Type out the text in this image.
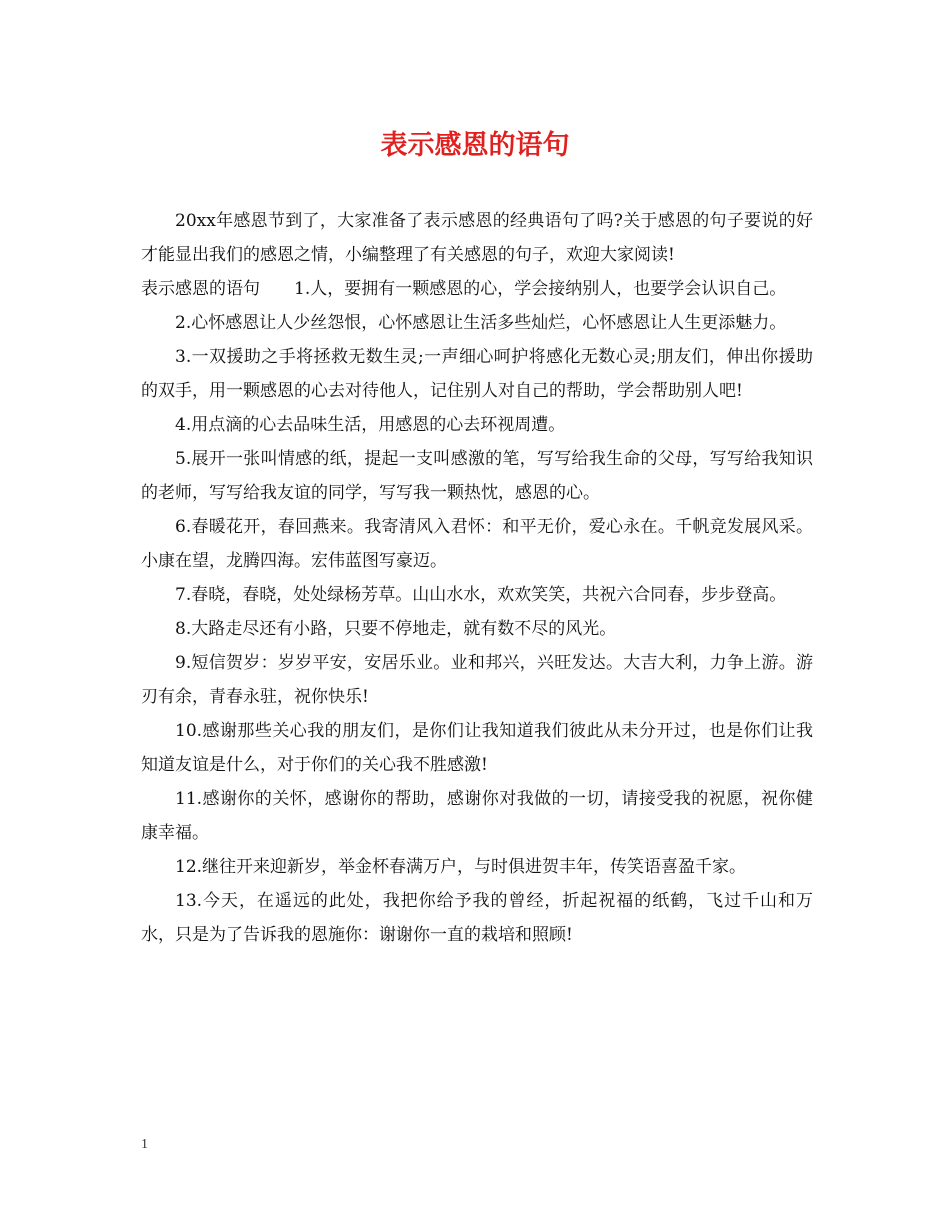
表示感恩的语句

20xx年感恩节到了，大家准备了表示感恩的经典语句了吗?关于感恩的句子要说的好才能显出我们的感恩之情，小编整理了有关感恩的句子，欢迎大家阅读!

表示感恩的语句 1.人，要拥有一颗感恩的心，学会接纳别人，也要学会认识自己。

2.心怀感恩让人少丝怨恨，心怀感恩让生活多些灿烂，心怀感恩让人生更添魅力。

3.一双援助之手将拯救无数生灵;一声细心呵护将感化无数心灵;朋友们，伸出你援助的双手，用一颗感恩的心去对待他人，记住别人对自己的帮助，学会帮助别人吧!

4.用点滴的心去品味生活，用感恩的心去环视周遭。

5.展开一张叫情感的纸，提起一支叫感激的笔，写写给我生命的父母，写写给我知识的老师，写写给我友谊的同学，写写我一颗热忱，感恩的心。

6.春暖花开，春回燕来。我寄清风入君怀：和平无价，爱心永在。千帆竞发展风采。小康在望，龙腾四海。宏伟蓝图写豪迈。

7.春晓，春晓，处处绿杨芳草。山山水水，欢欢笑笑，共祝六合同春，步步登高。

8.大路走尽还有小路，只要不停地走，就有数不尽的风光。

9.短信贺岁：岁岁平安，安居乐业。业和邦兴，兴旺发达。大吉大利，力争上游。游刃有余，青春永驻，祝你快乐!

10.感谢那些关心我的朋友们，是你们让我知道我们彼此从未分开过，也是你们让我知道友谊是什么，对于你们的关心我不胜感激!

11.感谢你的关怀，感谢你的帮助，感谢你对我做的一切，请接受我的祝愿，祝你健康幸福。

12.继往开来迎新岁，举金杯春满万户，与时俱进贺丰年，传笑语喜盈千家。

13.今天，在遥远的此处，我把你给予我的曾经，折起祝福的纸鹤，飞过千山和万水，只是为了告诉我的恩施你：谢谢你一直的栽培和照顾!

1
